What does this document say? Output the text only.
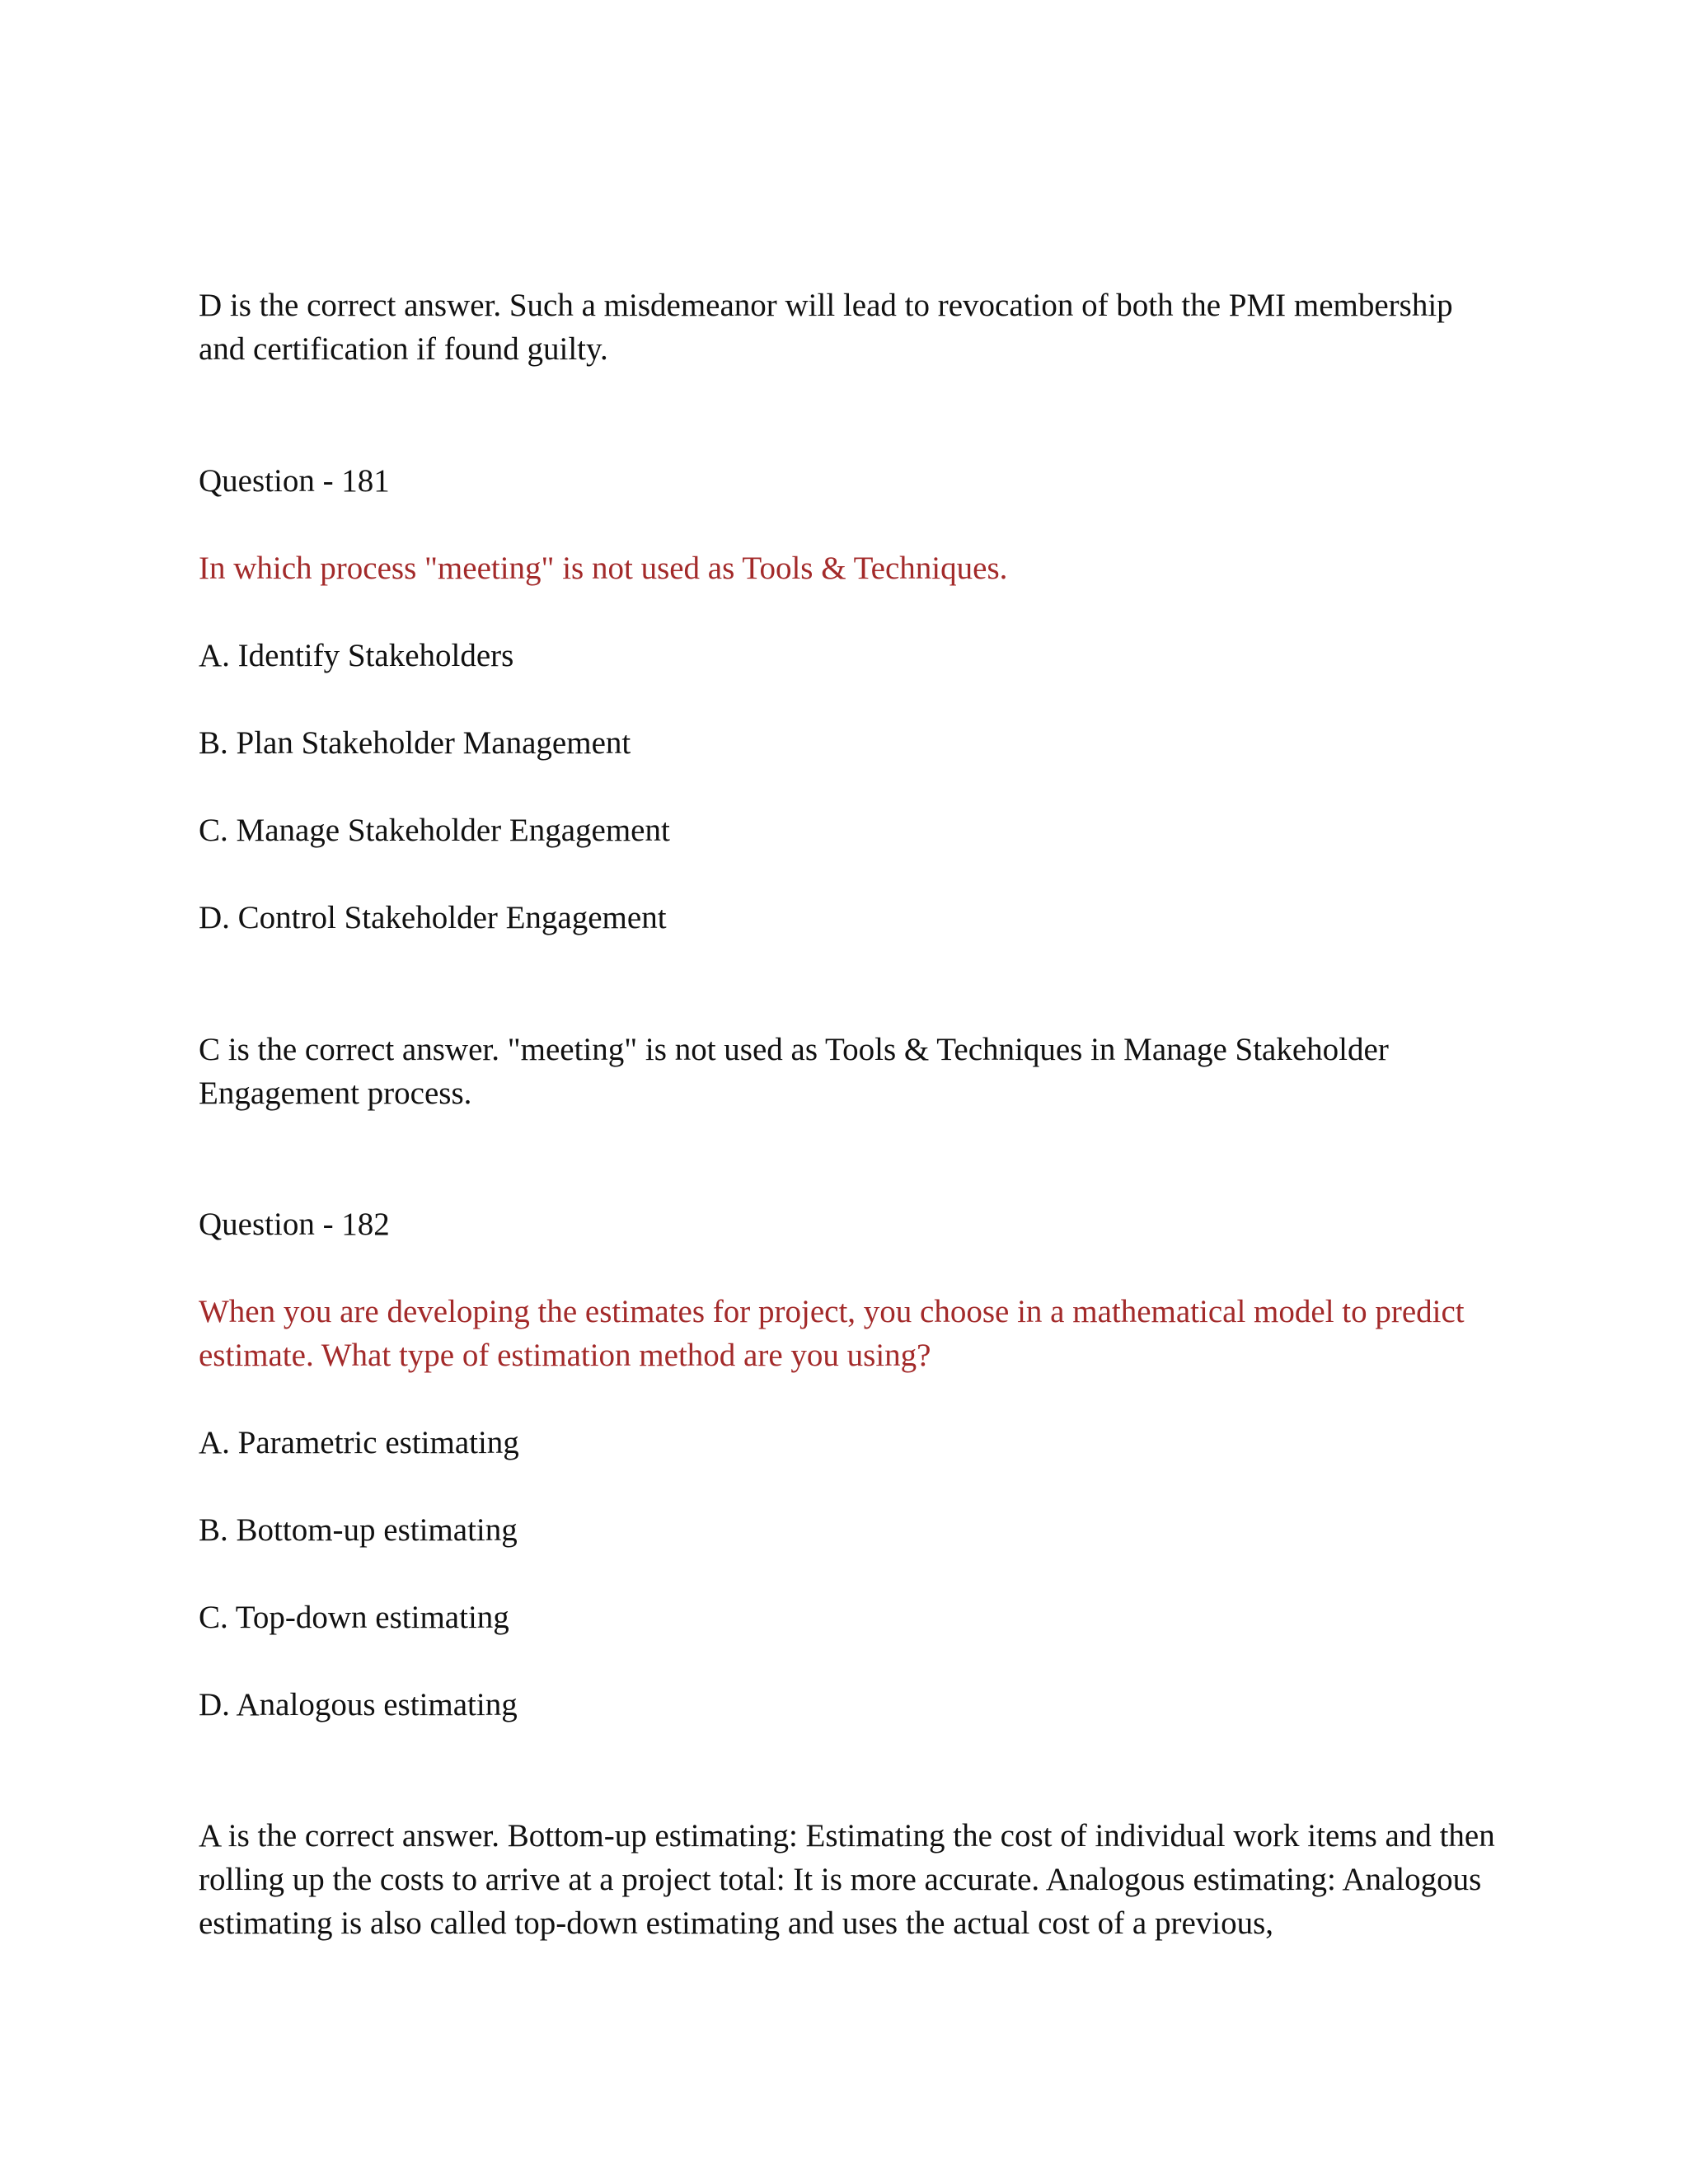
D is the correct answer. Such a misdemeanor will lead to revocation of both the PMI membership and certification if found guilty.

Question - 181

In which process "meeting" is not used as Tools & Techniques.

A. Identify Stakeholders

B. Plan Stakeholder Management

C. Manage Stakeholder Engagement

D. Control Stakeholder Engagement

C is the correct answer. "meeting" is not used as Tools & Techniques in Manage Stakeholder Engagement process.

Question - 182

When you are developing the estimates for project, you choose in a mathematical model to predict estimate. What type of estimation method are you using?

A. Parametric estimating

B. Bottom-up estimating

C. Top-down estimating

D. Analogous estimating

A is the correct answer. Bottom-up estimating: Estimating the cost of individual work items and then rolling up the costs to arrive at a project total: It is more accurate. Analogous estimating: Analogous estimating is also called top-down estimating and uses the actual cost of a previous,
